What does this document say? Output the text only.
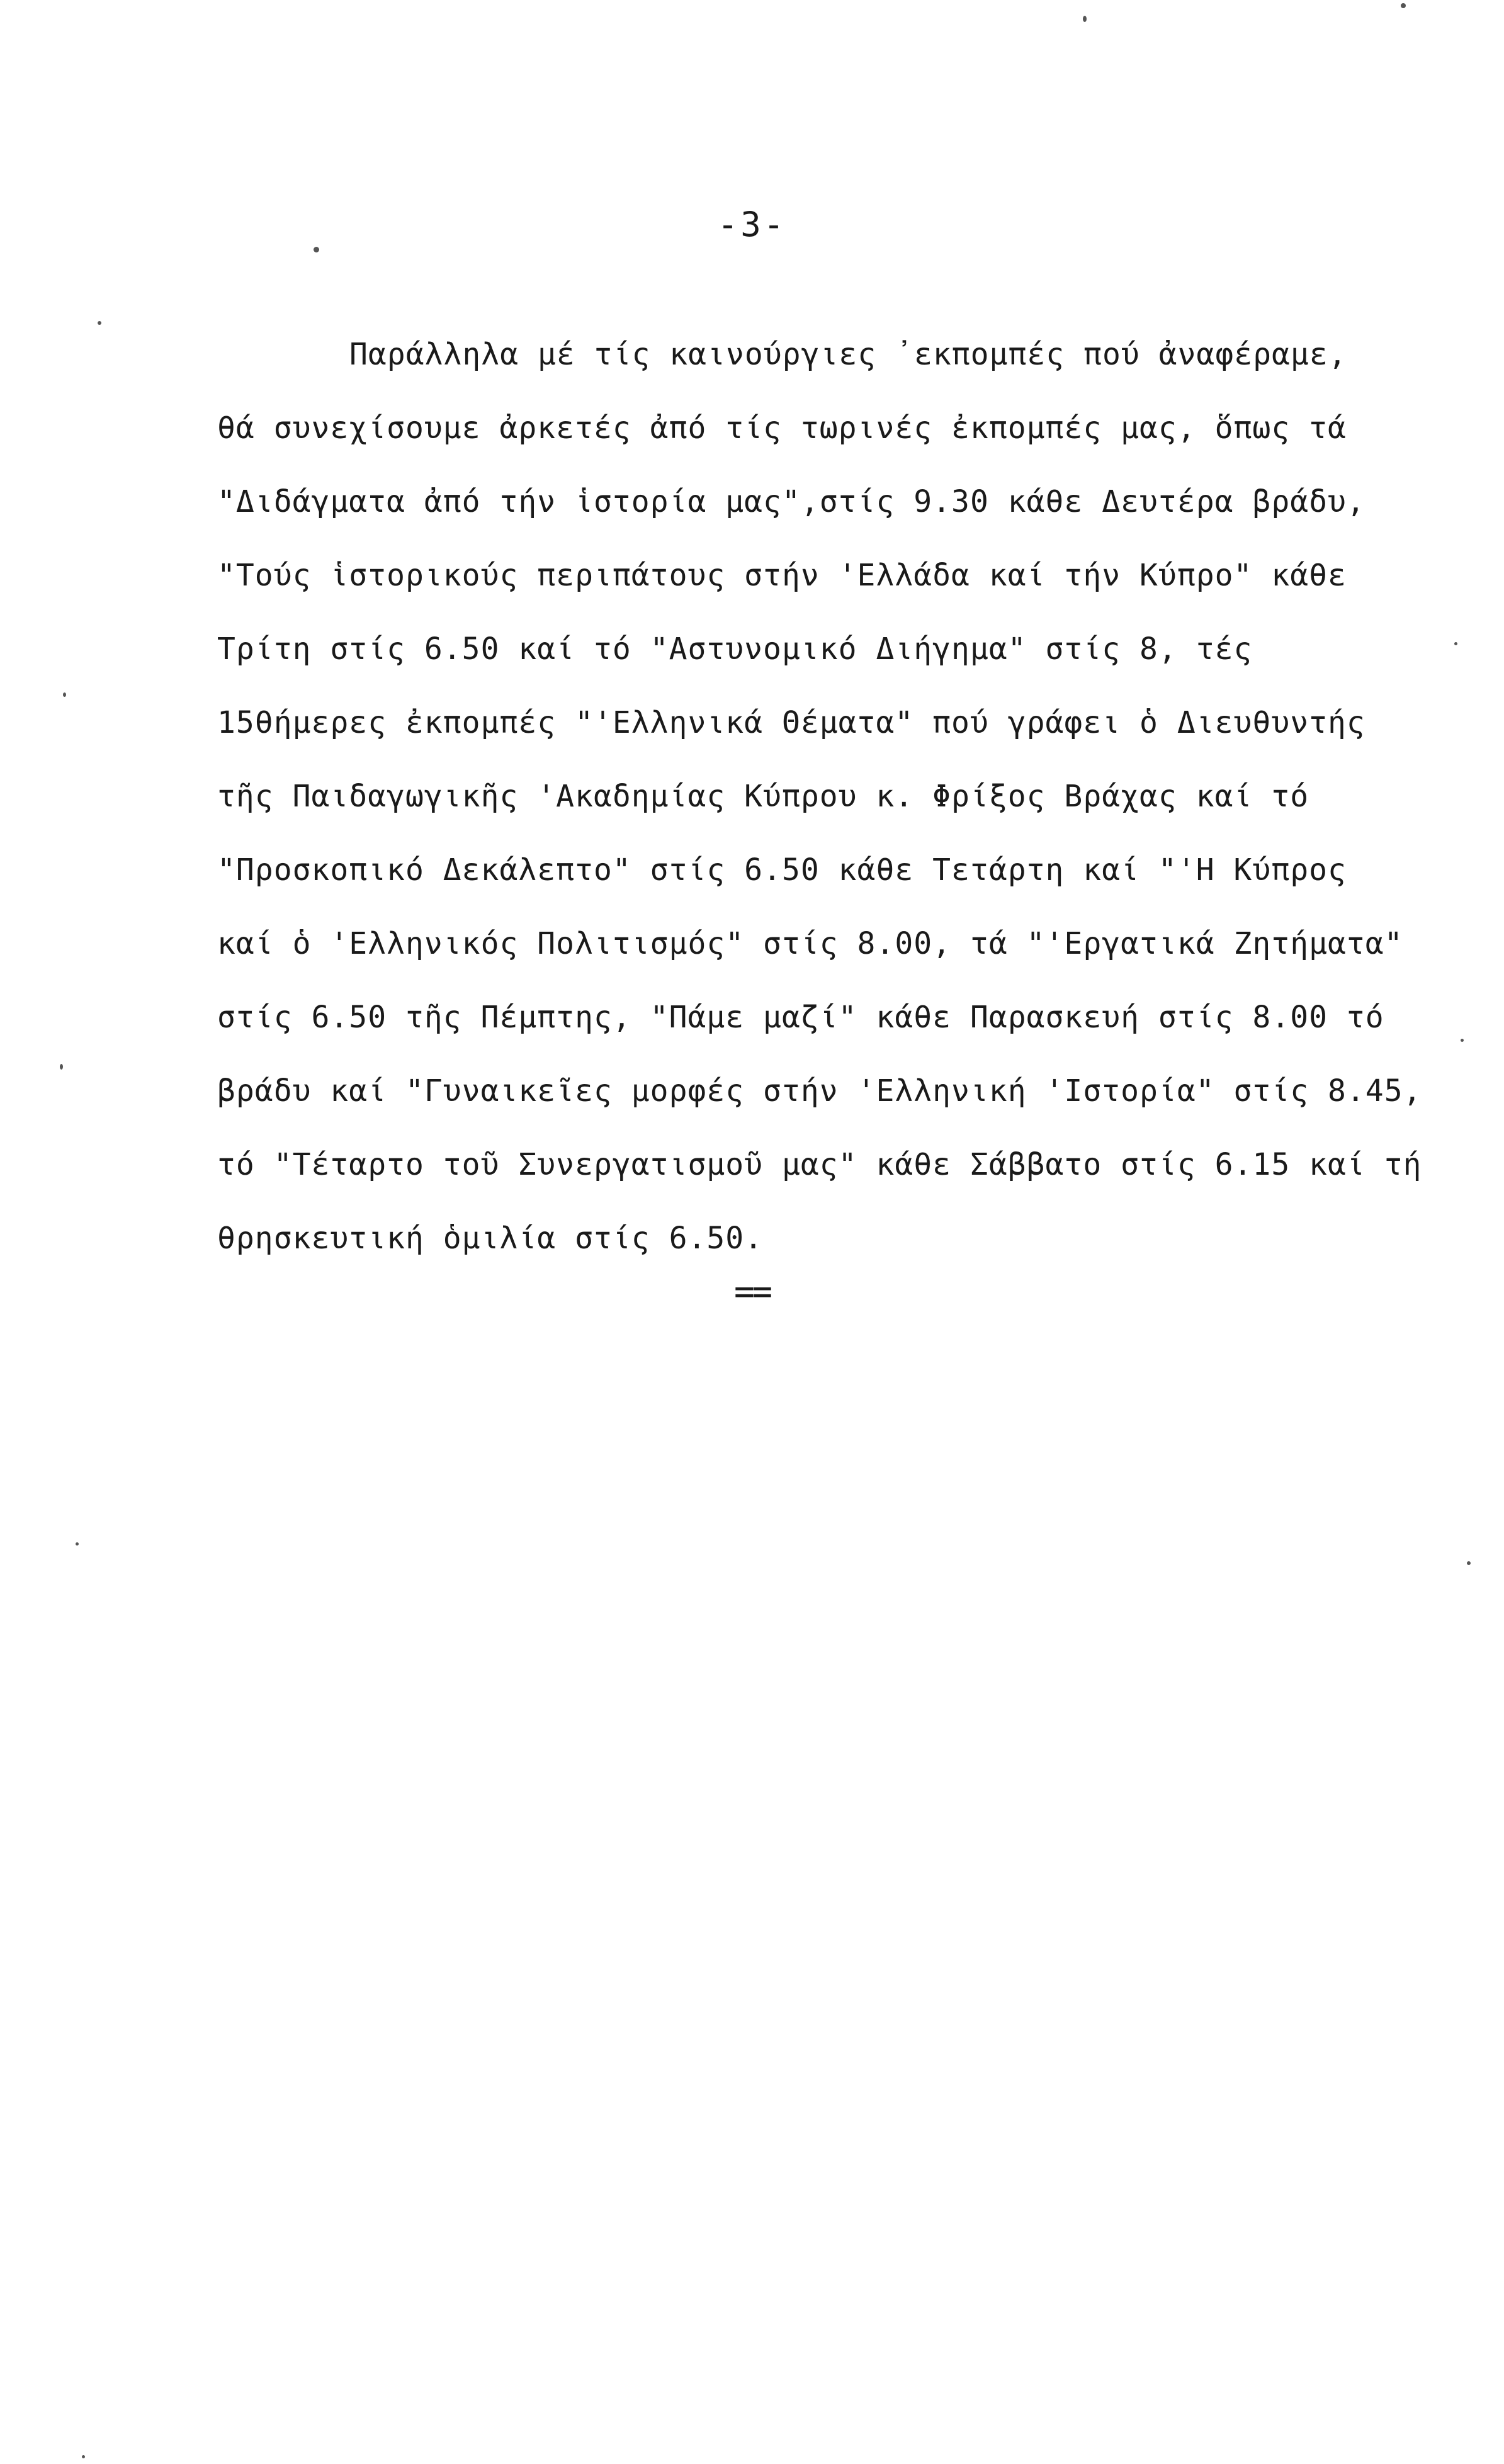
-3-
Παράλληλα μέ τίς καινούργιες ᾿εκπομπές πού ἀναφέραμε,
θά συνεχίσουμε ἀρκετές ἀπό τίς τωρινές ἐκπομπές μας, ὅπως τά
"Διδάγματα ἀπό τήν ἱστορία μας",στίς 9.30 κάθε Δευτέρα βράδυ,
"Τούς ἱστορικούς περιπάτους στήν 'Ελλάδα καί τήν Κύπρο" κάθε
Τρίτη στίς 6.50 καί τό "Αστυνομικό Διήγημα" στίς 8, τές
15θήμερες ἐκπομπές "'Ελληνικά Θέματα" πού γράφει ὁ Διευθυντής
τῆς Παιδαγωγικῆς 'Ακαδημίας Κύπρου κ. Φρίξος Βράχας καί τό
"Προσκοπικό Δεκάλεπτο" στίς 6.50 κάθε Τετάρτη καί "'Η Κύπρος
καί ὁ 'Ελληνικός Πολιτισμός" στίς 8.00, τά "'Εργατικά Ζητήματα"
στίς 6.50 τῆς Πέμπτης, "Πάμε μαζί" κάθε Παρασκευή στίς 8.00 τό
βράδυ καί "Γυναικεῖες μορφές στήν 'Ελληνική 'Ιστορία" στίς 8.45,
τό "Τέταρτο τοῦ Συνεργατισμοῦ μας" κάθε Σάββατο στίς 6.15 καί τή
θρησκευτική ὁμιλία στίς 6.50.
==
